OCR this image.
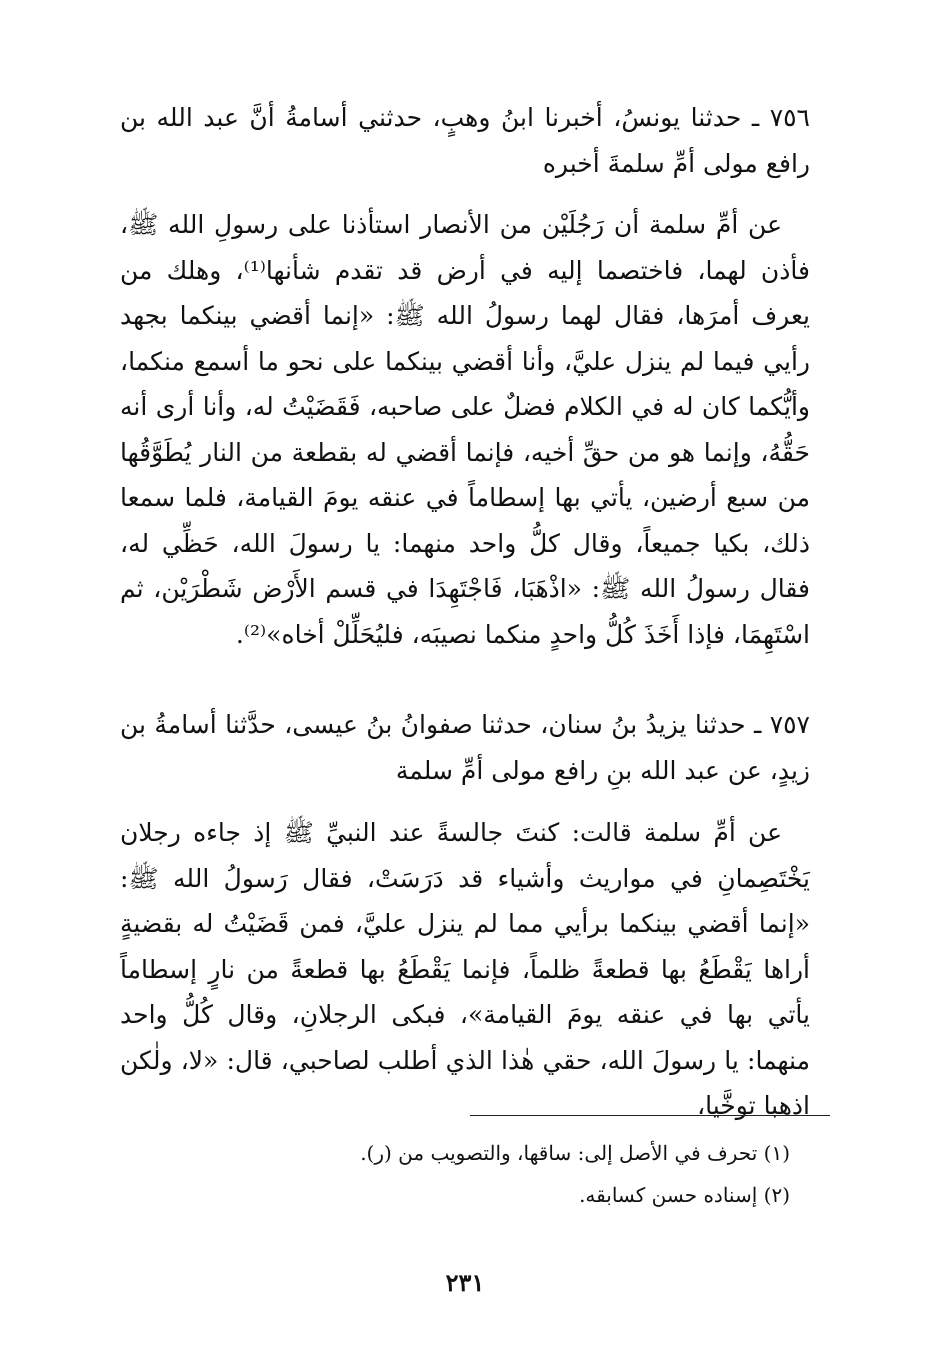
٧٥٦ ـ حدثنا يونسُ، أخبرنا ابنُ وهبٍ، حدثني أسامةُ أنَّ عبد الله بن رافع مولى أمِّ سلمةَ أخبره

عن أمِّ سلمة أن رَجُلَيْن من الأنصار استأذنا على رسولِ الله ﷺ، فأذن لهما، فاختصما إليه في أرض قد تقدم شأنها⁽¹⁾، وهلك من يعرف أمرَها، فقال لهما رسولُ الله ﷺ: «إنما أقضي بينكما بجهد رأيي فيما لم ينزل عليَّ، وأنا أقضي بينكما على نحو ما أسمع منكما، وأيُّكما كان له في الكلام فضلٌ على صاحبه، فَقَضَيْتُ له، وأنا أرى أنه حَقُّهُ، وإنما هو من حقِّ أخيه، فإنما أقضي له بقطعة من النار يُطَوَّقُها من سبع أرضين، يأتي بها إسطاماً في عنقه يومَ القيامة، فلما سمعا ذلك، بكيا جميعاً، وقال كلُّ واحد منهما: يا رسولَ الله، حَظِّي له، فقال رسولُ الله ﷺ: «اذْهَبَا، فَاجْتَهِدَا في قسم الأَرْض شَطْرَيْن، ثم اسْتَهِمَا، فإذا أَخَذَ كُلُّ واحدٍ منكما نصيبَه، فليُحَلِّلْ أخاه»⁽²⁾.

٧٥٧ ـ حدثنا يزيدُ بنُ سنان، حدثنا صفوانُ بنُ عيسى، حدَّثنا أسامةُ بن زيدٍ، عن عبد الله بنِ رافع مولى أمِّ سلمة

عن أمِّ سلمة قالت: كنتَ جالسةً عند النبيِّ ﷺ إذ جاءه رجلان يَخْتَصِمانِ في مواريث وأشياء قد دَرَسَتْ، فقال رَسولُ الله ﷺ: «إنما أقضي بينكما برأيي مما لم ينزل عليَّ، فمن قَضَيْتُ له بقضيةٍ أراها يَقْطَعُ بها قطعةً ظلماً، فإنما يَقْطَعُ بها قطعةً من نارٍ إسطاماً يأتي بها في عنقه يومَ القيامة»، فبكى الرجلانِ، وقال كُلُّ واحد منهما: يا رسولَ الله، حقي هٰذا الذي أطلب لصاحبي، قال: «لا، ولٰكن اذهبا توخَّيا،

(١) تحرف في الأصل إلى: ساقها، والتصويب من (ر).

(٢) إسناده حسن كسابقه.

٢٣١
